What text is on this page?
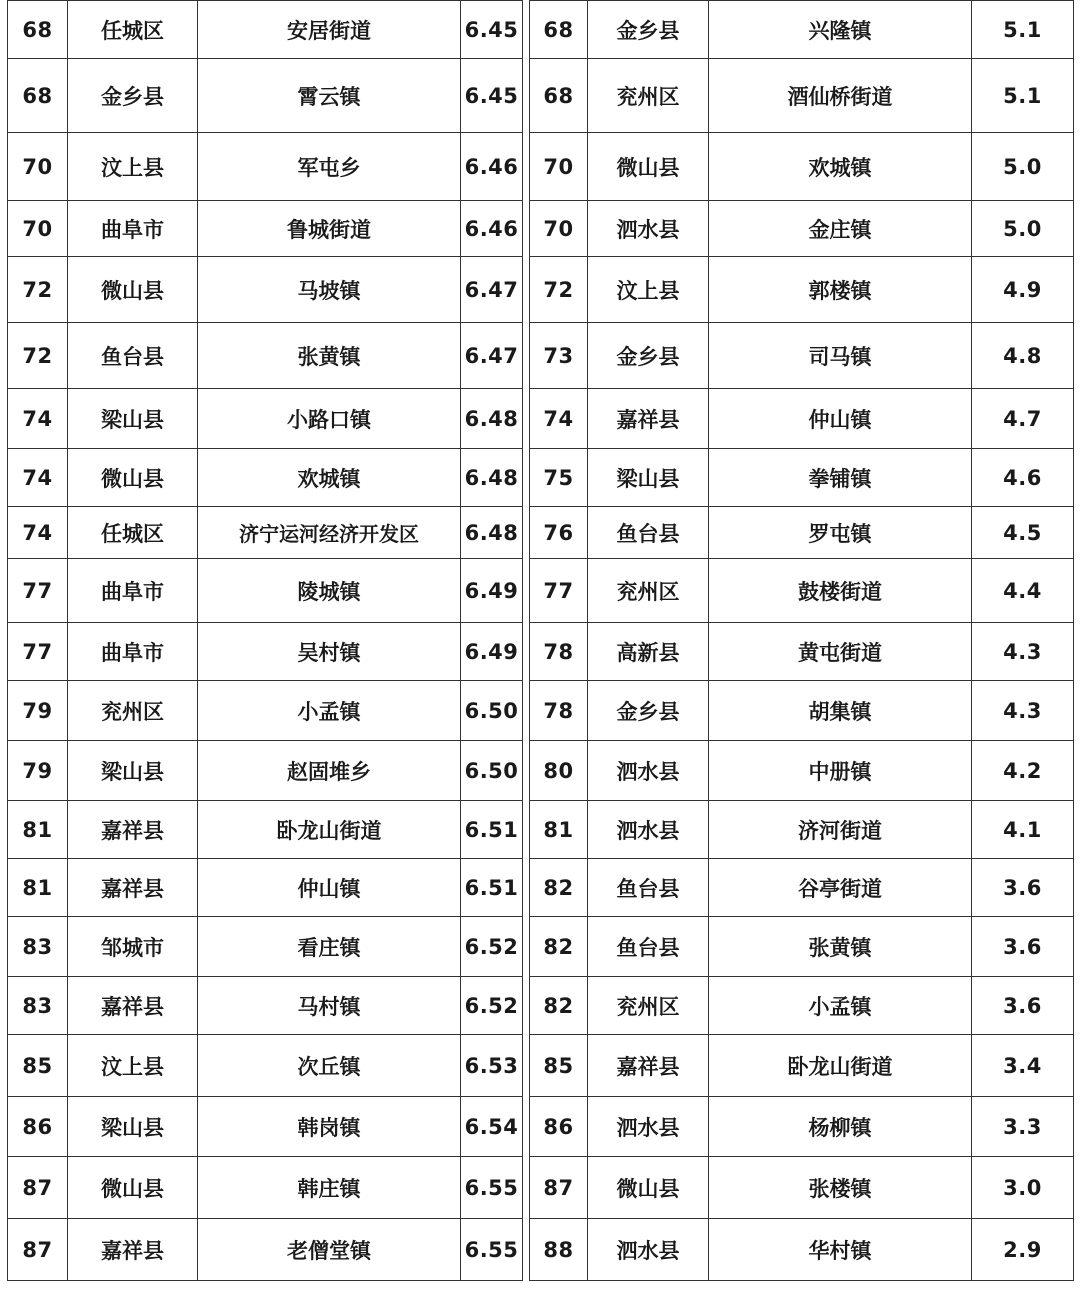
68	任城区	安居街道	6.45
68	金乡县	霄云镇	6.45
70	汶上县	军屯乡	6.46
70	曲阜市	鲁城街道	6.46
72	微山县	马坡镇	6.47
72	鱼台县	张黄镇	6.47
74	梁山县	小路口镇	6.48
74	微山县	欢城镇	6.48
74	任城区	济宁运河经济开发区	6.48
77	曲阜市	陵城镇	6.49
77	曲阜市	吴村镇	6.49
79	兖州区	小孟镇	6.50
79	梁山县	赵固堆乡	6.50
81	嘉祥县	卧龙山街道	6.51
81	嘉祥县	仲山镇	6.51
83	邹城市	看庄镇	6.52
83	嘉祥县	马村镇	6.52
85	汶上县	次丘镇	6.53
86	梁山县	韩岗镇	6.54
87	微山县	韩庄镇	6.55
87	嘉祥县	老僧堂镇	6.55
68	金乡县	兴隆镇	5.1
68	兖州区	酒仙桥街道	5.1
70	微山县	欢城镇	5.0
70	泗水县	金庄镇	5.0
72	汶上县	郭楼镇	4.9
73	金乡县	司马镇	4.8
74	嘉祥县	仲山镇	4.7
75	梁山县	拳铺镇	4.6
76	鱼台县	罗屯镇	4.5
77	兖州区	鼓楼街道	4.4
78	高新县	黄屯街道	4.3
78	金乡县	胡集镇	4.3
80	泗水县	中册镇	4.2
81	泗水县	济河街道	4.1
82	鱼台县	谷亭街道	3.6
82	鱼台县	张黄镇	3.6
82	兖州区	小孟镇	3.6
85	嘉祥县	卧龙山街道	3.4
86	泗水县	杨柳镇	3.3
87	微山县	张楼镇	3.0
88	泗水县	华村镇	2.9
